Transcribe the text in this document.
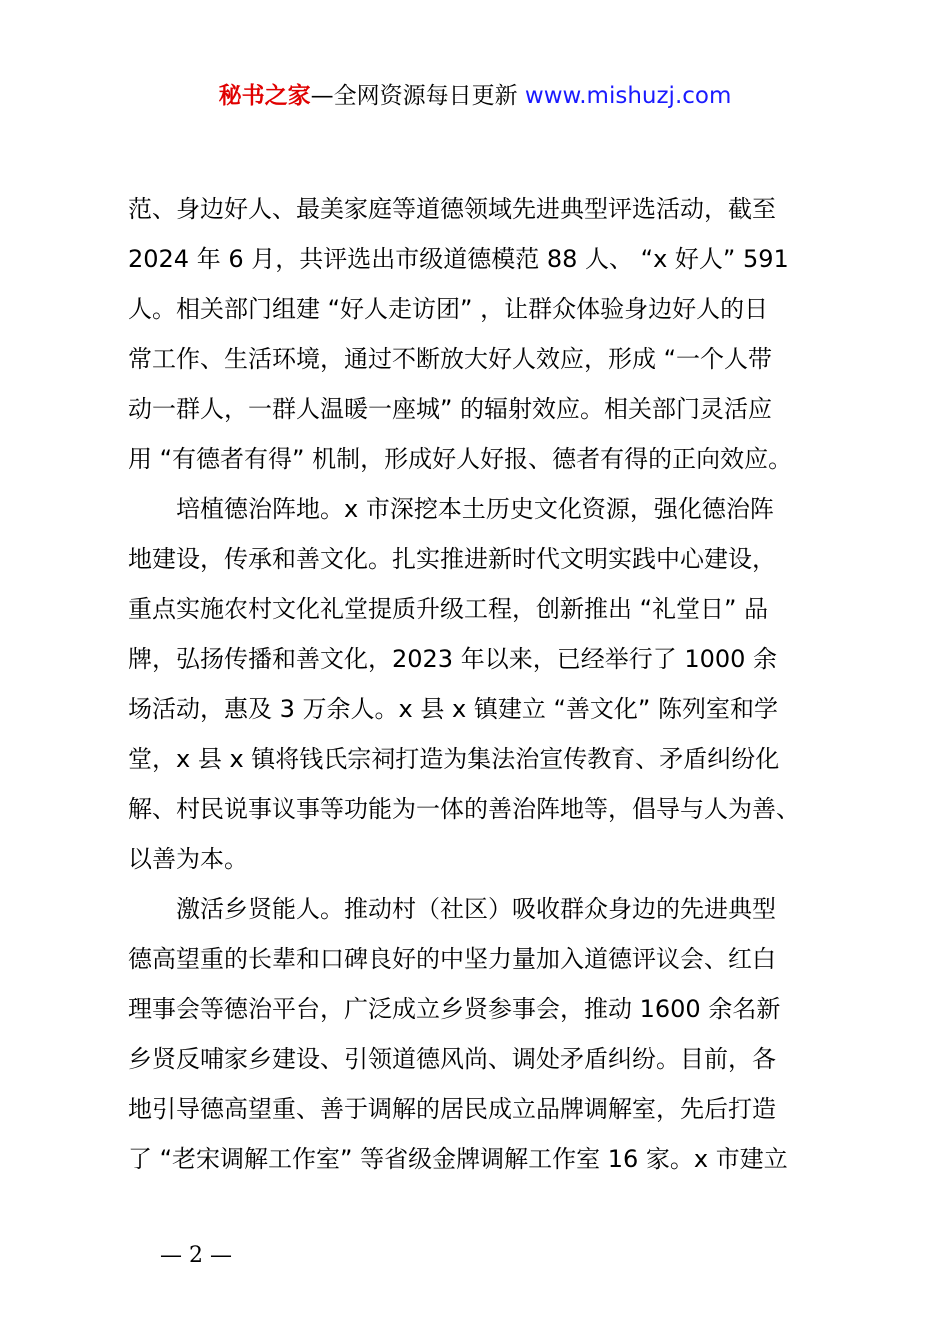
秘书之家—全网资源每日更新 www.mishuzj.com
范、身边好人、最美家庭等道德领域先进典型评选活动，截至
2024 年 6 月，共评选出市级道德模范 88 人、 “x 好人” 591
人。相关部门组建 “好人走访团” ，让群众体验身边好人的日
常工作、生活环境，通过不断放大好人效应，形成 “一个人带
动一群人，一群人温暖一座城” 的辐射效应。相关部门灵活应
用 “有德者有得” 机制，形成好人好报、德者有得的正向效应。
　　培植德治阵地。x 市深挖本土历史文化资源，强化德治阵
地建设，传承和善文化。扎实推进新时代文明实践中心建设，
重点实施农村文化礼堂提质升级工程，创新推出 “礼堂日” 品
牌，弘扬传播和善文化，2023 年以来，已经举行了 1000 余
场活动，惠及 3 万余人。x 县 x 镇建立 “善文化” 陈列室和学
堂，x 县 x 镇将钱氏宗祠打造为集法治宣传教育、矛盾纠纷化
解、村民说事议事等功能为一体的善治阵地等，倡导与人为善、
以善为本。
　　激活乡贤能人。推动村（社区）吸收群众身边的先进典型
德高望重的长辈和口碑良好的中坚力量加入道德评议会、红白
理事会等德治平台，广泛成立乡贤参事会，推动 1600 余名新
乡贤反哺家乡建设、引领道德风尚、调处矛盾纠纷。目前，各
地引导德高望重、善于调解的居民成立品牌调解室，先后打造
了 “老宋调解工作室” 等省级金牌调解工作室 16 家。x 市建立
— 2 —
